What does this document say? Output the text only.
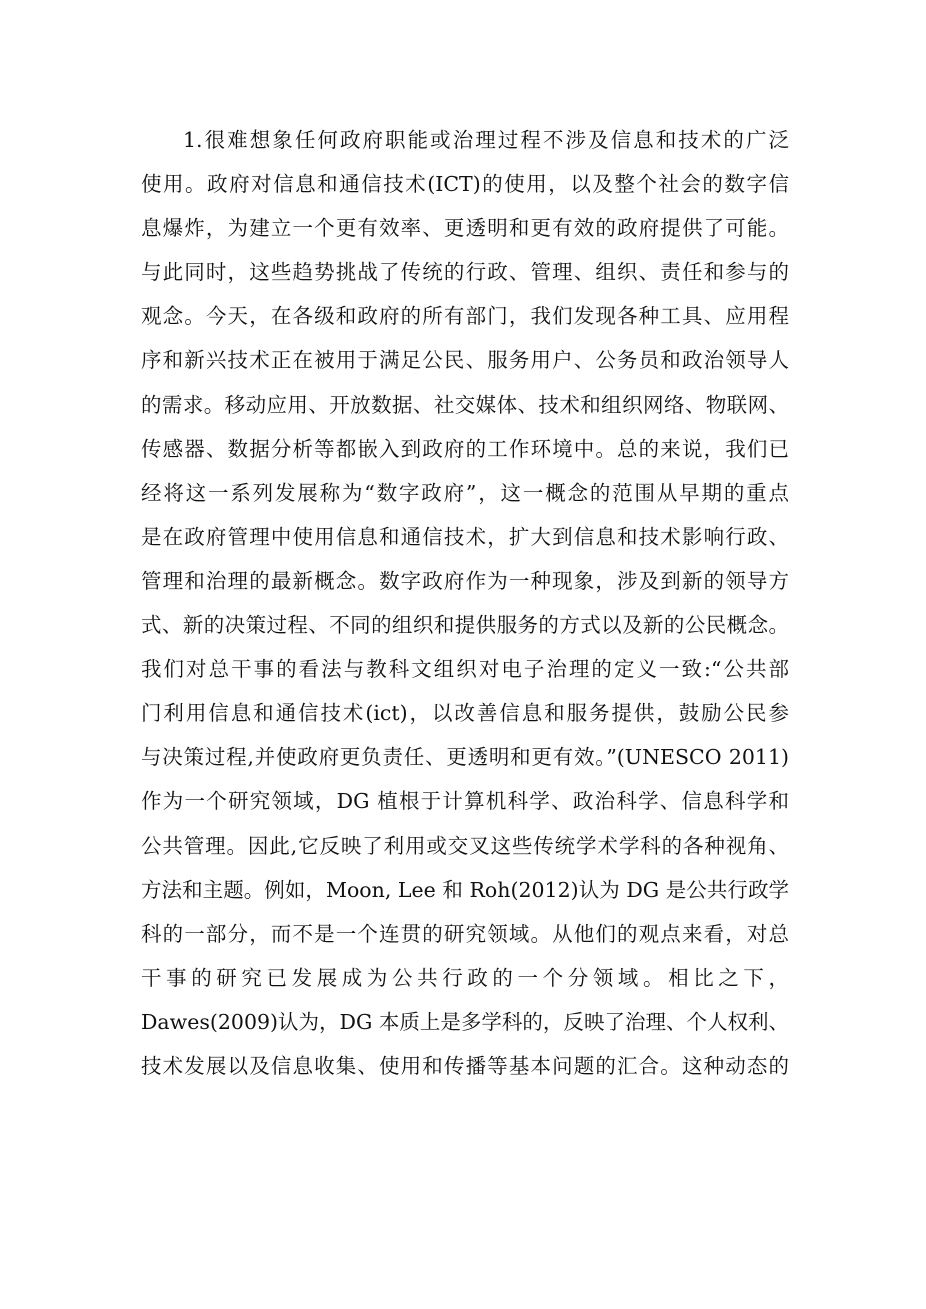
1.很难想象任何政府职能或治理过程不涉及信息和技术的广泛
使用。政府对信息和通信技术(ICT)的使用，以及整个社会的数字信
息爆炸，为建立一个更有效率、更透明和更有效的政府提供了可能。
与此同时，这些趋势挑战了传统的行政、管理、组织、责任和参与的
观念。今天，在各级和政府的所有部门，我们发现各种工具、应用程
序和新兴技术正在被用于满足公民、服务用户、公务员和政治领导人
的需求。移动应用、开放数据、社交媒体、技术和组织网络、物联网、
传感器、数据分析等都嵌入到政府的工作环境中。总的来说，我们已
经将这一系列发展称为“数字政府”，这一概念的范围从早期的重点
是在政府管理中使用信息和通信技术，扩大到信息和技术影响行政、
管理和治理的最新概念。数字政府作为一种现象，涉及到新的领导方
式、新的决策过程、不同的组织和提供服务的方式以及新的公民概念。
我们对总干事的看法与教科文组织对电子治理的定义一致:“公共部
门利用信息和通信技术(ict)，以改善信息和服务提供，鼓励公民参
与决策过程,并使政府更负责任、更透明和更有效。”(UNESCO 2011)
作为一个研究领域，DG 植根于计算机科学、政治科学、信息科学和
公共管理。因此,它反映了利用或交叉这些传统学术学科的各种视角、
方法和主题。例如，Moon, Lee 和 Roh(2012)认为 DG 是公共行政学
科的一部分，而不是一个连贯的研究领域。从他们的观点来看，对总
干事的研究已发展成为公共行政的一个分领域。相比之下，
Dawes(2009)认为，DG 本质上是多学科的，反映了治理、个人权利、
技术发展以及信息收集、使用和传播等基本问题的汇合。这种动态的
